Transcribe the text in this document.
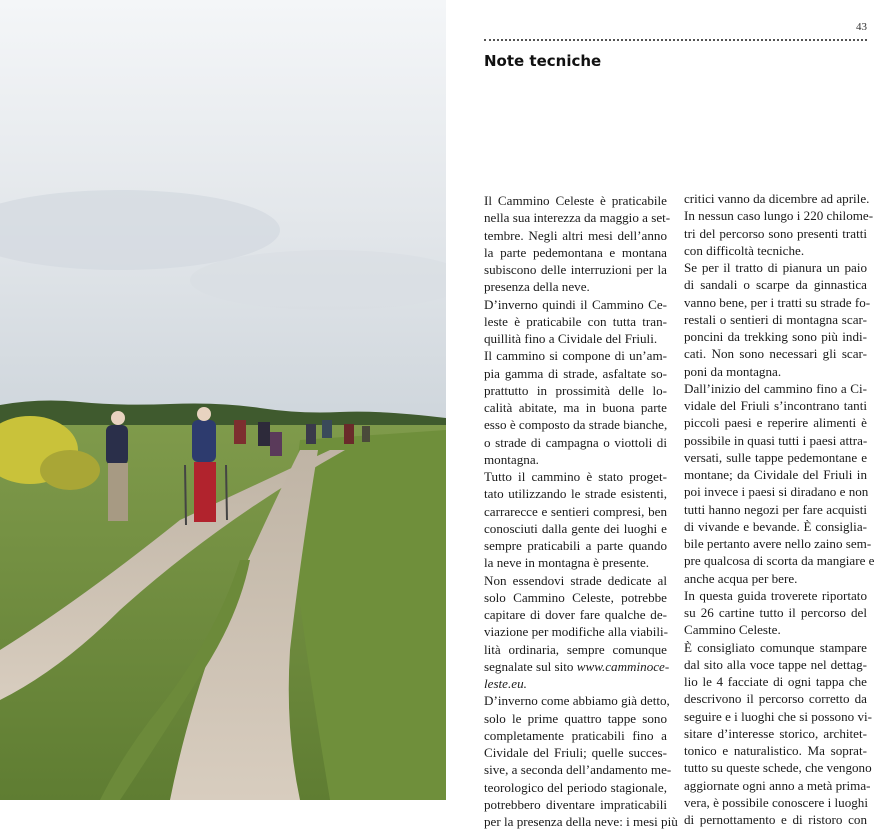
43
Note tecniche
Il Cammino Celeste è praticabile
nella sua interezza da maggio a set-
tembre. Negli altri mesi dell’anno
la parte pedemontana e montana
subiscono delle interruzioni per la
presenza della neve.
D’inverno quindi il Cammino Ce-
leste è praticabile con tutta tran-
quillità fino a Cividale del Friuli.
Il cammino si compone di un’am-
pia gamma di strade, asfaltate so-
prattutto in prossimità delle lo-
calità abitate, ma in buona parte
esso è composto da strade bianche,
o strade di campagna o viottoli di
montagna.
Tutto il cammino è stato proget-
tato utilizzando le strade esistenti,
carrarecce e sentieri compresi, ben
conosciuti dalla gente dei luoghi e
sempre praticabili a parte quando
la neve in montagna è presente.
Non essendovi strade dedicate al
solo Cammino Celeste, potrebbe
capitare di dover fare qualche de-
viazione per modifiche alla viabili-
lità ordinaria, sempre comunque
segnalate sul sito www.camminoce-
leste.eu.
D’inverno come abbiamo già detto,
solo le prime quattro tappe sono
completamente praticabili fino a
Cividale del Friuli; quelle succes-
sive, a seconda dell’andamento me-
teorologico del periodo stagionale,
potrebbero diventare impraticabili
per la presenza della neve: i mesi più
critici vanno da dicembre ad aprile.
In nessun caso lungo i 220 chilome-
tri del percorso sono presenti tratti
con difficoltà tecniche.
Se per il tratto di pianura un paio
di sandali o scarpe da ginnastica
vanno bene, per i tratti su strade fo-
restali o sentieri di montagna scar-
poncini da trekking sono più indi-
cati. Non sono necessari gli scar-
poni da montagna.
Dall’inizio del cammino fino a Ci-
vidale del Friuli s’incontrano tanti
piccoli paesi e reperire alimenti è
possibile in quasi tutti i paesi attra-
versati, sulle tappe pedemontane e
montane; da Cividale del Friuli in
poi invece i paesi si diradano e non
tutti hanno negozi per fare acquisti
di vivande e bevande. È consiglia-
bile pertanto avere nello zaino sem-
pre qualcosa di scorta da mangiare e
anche acqua per bere.
In questa guida troverete riportato
su 26 cartine tutto il percorso del
Cammino Celeste.
È consigliato comunque stampare
dal sito alla voce tappe nel dettag-
lio le 4 facciate di ogni tappa che
descrivono il percorso corretto da
seguire e i luoghi che si possono vi-
sitare d’interesse storico, architet-
tonico e naturalistico. Ma soprat-
tutto su queste schede, che vengono
aggiornate ogni anno a metà prima-
vera, è possibile conoscere i luoghi
di pernottamento e di ristoro con
